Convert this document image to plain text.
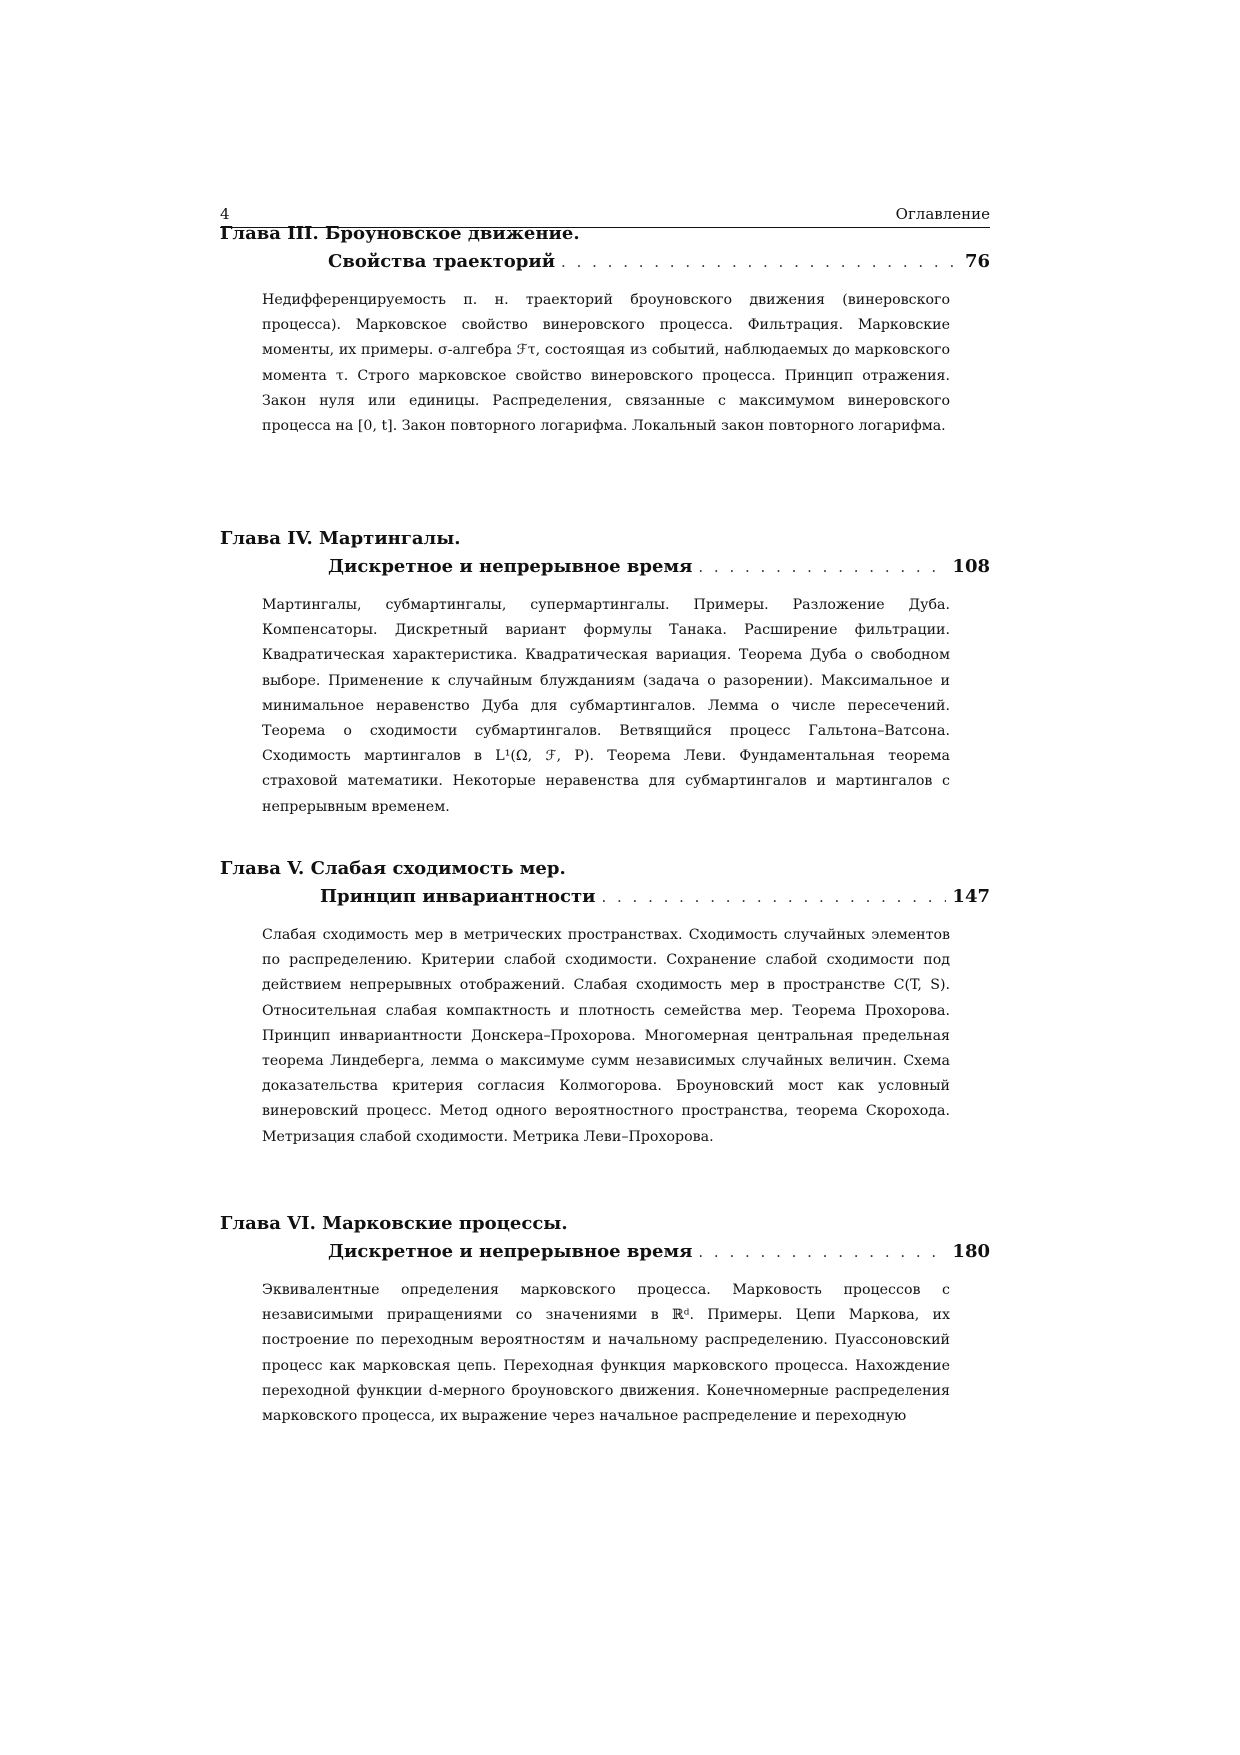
4	Оглавление
Глава III. Броуновское движение.
Свойства траекторий . . .	76
Недифференцируемость п. н. траекторий броуновского движения (винеровского процесса). Марковское свойство винеровского процесса. Фильтрация. Марковские моменты, их примеры. σ-алгебра ℱτ, состоящая из событий, наблюдаемых до марковского момента τ. Строго марковское свойство винеровского процесса. Принцип отражения. Закон нуля или единицы. Распределения, связанные с максимумом винеровского процесса на [0, t]. Закон повторного логарифма. Локальный закон повторного логарифма.
Глава IV. Мартингалы.
Дискретное и непрерывное время . . .	108
Мартингалы, субмартингалы, супермартингалы. Примеры. Разложение Дуба. Компенсаторы. Дискретный вариант формулы Танака. Расширение фильтрации. Квадратическая характеристика. Квадратическая вариация. Теорема Дуба о свободном выборе. Применение к случайным блужданиям (задача о разорении). Максимальное и минимальное неравенство Дуба для субмартингалов. Лемма о числе пересечений. Теорема о сходимости субмартингалов. Ветвящийся процесс Гальтона–Ватсона. Сходимость мартингалов в L¹(Ω, ℱ, P). Теорема Леви. Фундаментальная теорема страховой математики. Некоторые неравенства для субмартингалов и мартингалов с непрерывным временем.
Глава V. Слабая сходимость мер.
Принцип инвариантности . . .	147
Слабая сходимость мер в метрических пространствах. Сходимость случайных элементов по распределению. Критерии слабой сходимости. Сохранение слабой сходимости под действием непрерывных отображений. Слабая сходимость мер в пространстве C(T, S). Относительная слабая компактность и плотность семейства мер. Теорема Прохорова. Принцип инвариантности Донскера–Прохорова. Многомерная центральная предельная теорема Линдеберга, лемма о максимуме сумм независимых случайных величин. Схема доказательства критерия согласия Колмогорова. Броуновский мост как условный винеровский процесс. Метод одного вероятностного пространства, теорема Скорохода. Метризация слабой сходимости. Метрика Леви–Прохорова.
Глава VI. Марковские процессы.
Дискретное и непрерывное время . . .	180
Эквивалентные определения марковского процесса. Марковость процессов с независимыми приращениями со значениями в ℝᵈ. Примеры. Цепи Маркова, их построение по переходным вероятностям и начальному распределению. Пуассоновский процесс как марковская цепь. Переходная функция марковского процесса. Нахождение переходной функции d-мерного броуновского движения. Конечномерные распределения марковского процесса, их выражение через начальное распределение и переходную
